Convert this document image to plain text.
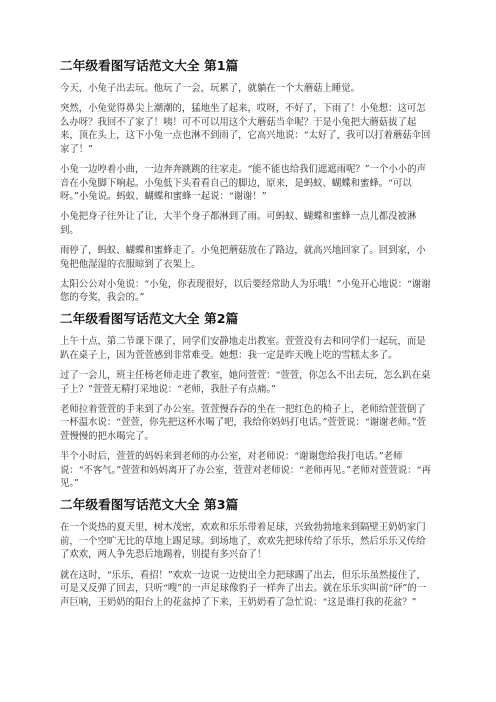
二年级看图写话范文大全 第1篇

今天，小兔子出去玩。他玩了一会，玩累了，就躺在一个大蘑菇上睡觉。

突然，小兔觉得鼻尖上潮潮的，猛地坐了起来，哎呀，不好了，下雨了！小兔想：这可怎么办呀？我回不了家了！咦！可不可以用这个大蘑菇当伞呢？于是小兔把大蘑菇拔了起来，顶在头上，这下小兔一点也淋不到雨了，它高兴地说：“太好了，我可以打着蘑菇伞回家了！”

小兔一边哼着小曲，一边奔奔跳跳的往家走。“能不能也给我们遮遮雨呢？”一个小小的声音在小兔脚下响起。小兔低下头看看自己的脚边，原来，是蚂蚁、蝴蝶和蜜蜂。“可以呀。”小兔说。蚂蚁、蝴蝶和蜜蜂一起说：“谢谢！”

小兔把身子往外让了让，大半个身子都淋到了雨。可蚂蚁、蝴蝶和蜜蜂一点儿都没被淋到。

雨停了，蚂蚁、蝴蝶和蜜蜂走了。小兔把蘑菇放在了路边，就高兴地回家了。回到家，小兔把他湿湿的衣服晾到了衣架上。

太阳公公对小兔说：“小兔，你表现很好，以后要经常助人为乐哦！”小兔开心地说：“谢谢您的夸奖，我会的。”

二年级看图写话范文大全 第2篇

上午十点，第二节课下课了，同学们安静地走出教室。萱萱没有去和同学们一起玩，而是趴在桌子上，因为萱萱感到非常难受。她想：我一定是昨天晚上吃的雪糕太多了。

过了一会儿，班主任杨老师走进了教室，她问萱萱：“萱萱，你怎么不出去玩，怎么趴在桌子上？”萱萱无精打采地说：“老师，我肚子有点痛。”

老师拉着萱萱的手来到了办公室。萱萱慢吞吞的坐在一把红色的椅子上，老师给萱萱倒了一杯温水说：“萱萱，你先把这杯水喝了吧，我给你妈妈打电话。”萱萱说：“谢谢老师。”萱萱慢慢的把水喝完了。

半个小时后，萱萱的妈妈来到老师的办公室，对老师说：“谢谢您给我打电话。”老师说：“不客气。”萱萱和妈妈离开了办公室，萱萱对老师说：“老师再见。”老师对萱萱说：“再见。”

二年级看图写话范文大全 第3篇

在一个炎热的夏天里，树木茂密，欢欢和乐乐带着足球，兴致勃勃地来到隔壁王奶奶家门前，一个空旷无比的草地上踢足球。到场地了，欢欢先把球传给了乐乐，然后乐乐又传给了欢欢，两人争先恐后地踢着，别提有多兴奋了！

就在这时，“乐乐，看招！”欢欢一边说一边使出全力把球踢了出去，但乐乐虽然接住了，可是又反弹了回去，只听“嗖”的一声足球像豹子一样奔了出去。就在乐乐实叫前“砰”的一声巨响，王奶奶的阳台上的花盆掉了下来，王奶奶看了急忙说：“这是谁打我的花盆？”
